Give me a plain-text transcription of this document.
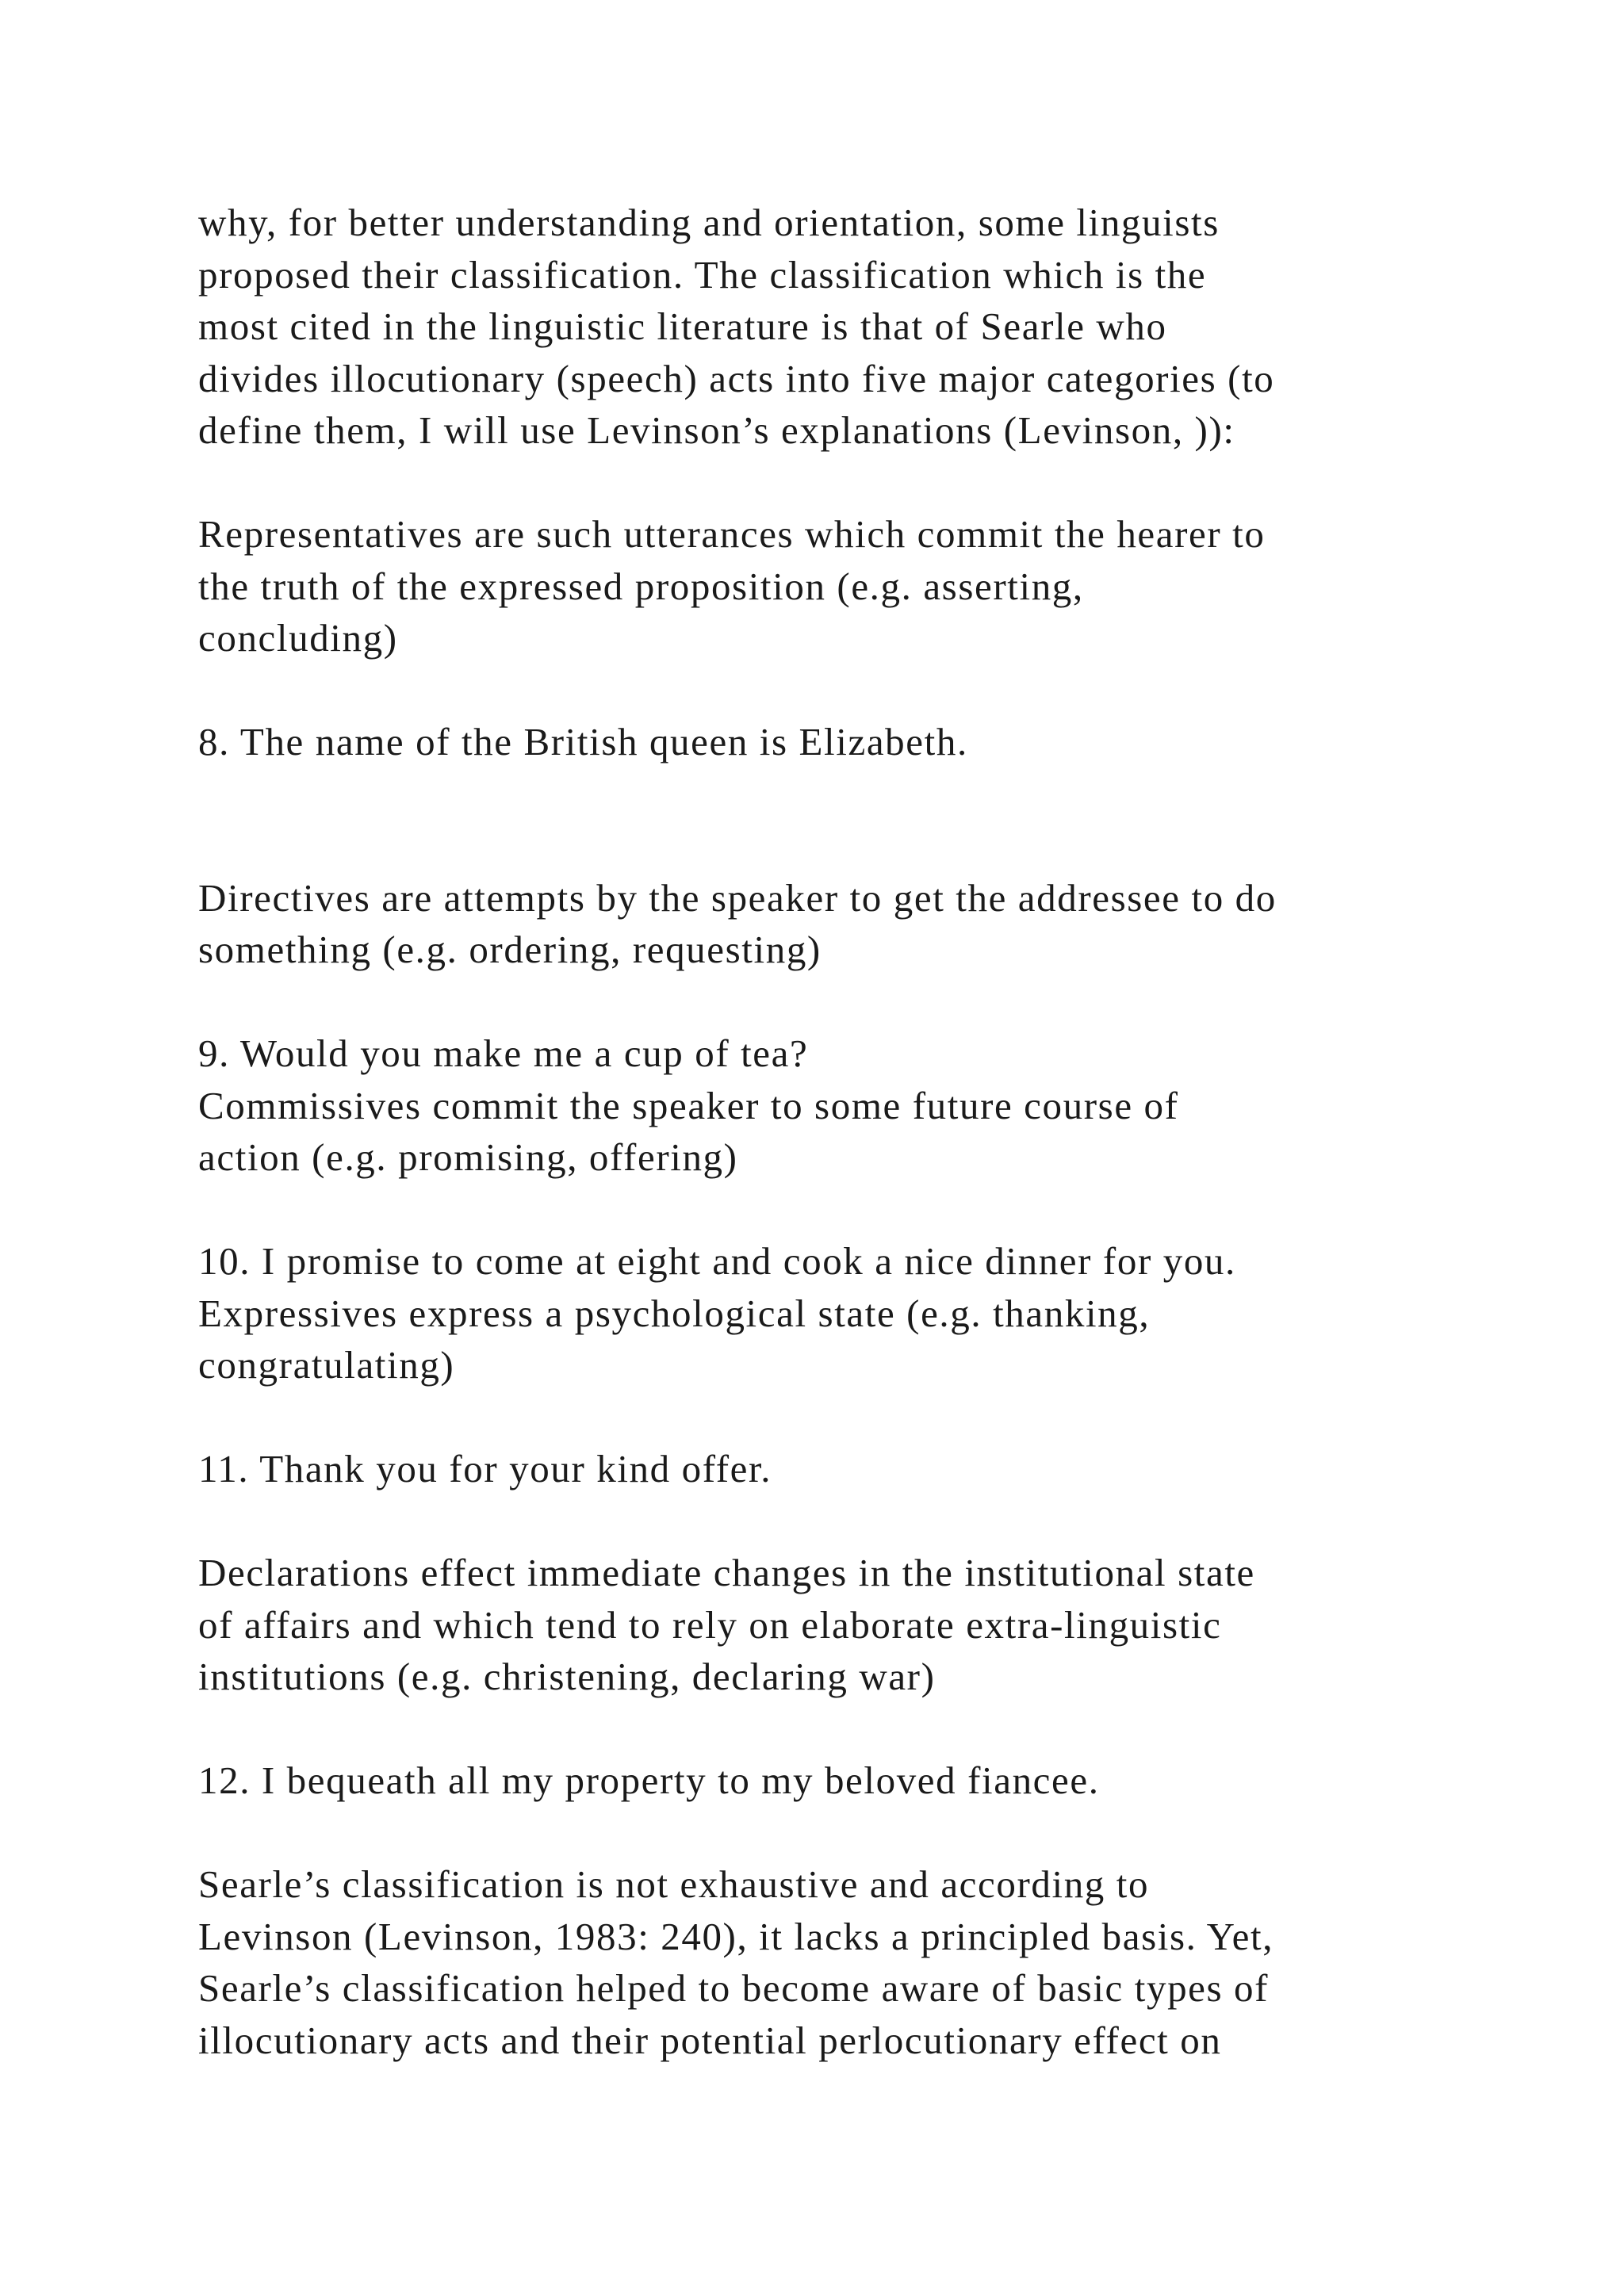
why, for better understanding and orientation, some linguists
proposed their classification. The classification which is the
most cited in the linguistic literature is that of Searle who
divides illocutionary (speech) acts into five major categories (to
define them, I will use Levinson’s explanations (Levinson, )):

Representatives are such utterances which commit the hearer to
the truth of the expressed proposition (e.g. asserting,
concluding)

8. The name of the British queen is Elizabeth.

Directives are attempts by the speaker to get the addressee to do
something (e.g. ordering, requesting)

9. Would you make me a cup of tea?
Commissives commit the speaker to some future course of
action (e.g. promising, offering)

10. I promise to come at eight and cook a nice dinner for you.
Expressives express a psychological state (e.g. thanking,
congratulating)

11. Thank you for your kind offer.

Declarations effect immediate changes in the institutional state
of affairs and which tend to rely on elaborate extra-linguistic
institutions (e.g. christening, declaring war)

12. I bequeath all my property to my beloved fiancee.

Searle’s classification is not exhaustive and according to
Levinson (Levinson, 1983: 240), it lacks a principled basis. Yet,
Searle’s classification helped to become aware of basic types of
illocutionary acts and their potential perlocutionary effect on
